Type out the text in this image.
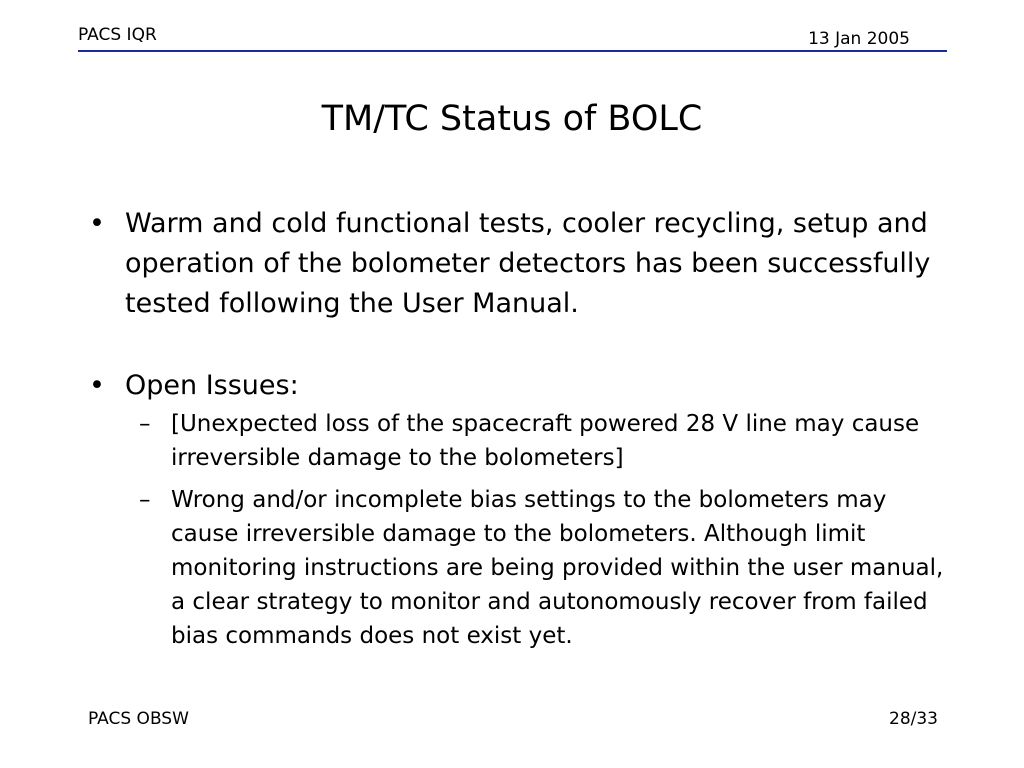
PACS IQR	13 Jan 2005
TM/TC Status of BOLC
• Warm and cold functional tests, cooler recycling, setup and operation of the bolometer detectors has been successfully tested following the User Manual.
• Open Issues:
– [Unexpected loss of the spacecraft powered 28 V line may cause irreversible damage to the bolometers]
– Wrong and/or incomplete bias settings to the bolometers may cause irreversible damage to the bolometers. Although limit monitoring instructions are being provided within the user manual, a clear strategy to monitor and autonomously recover from failed bias commands does not exist yet.
PACS OBSW	28/33
